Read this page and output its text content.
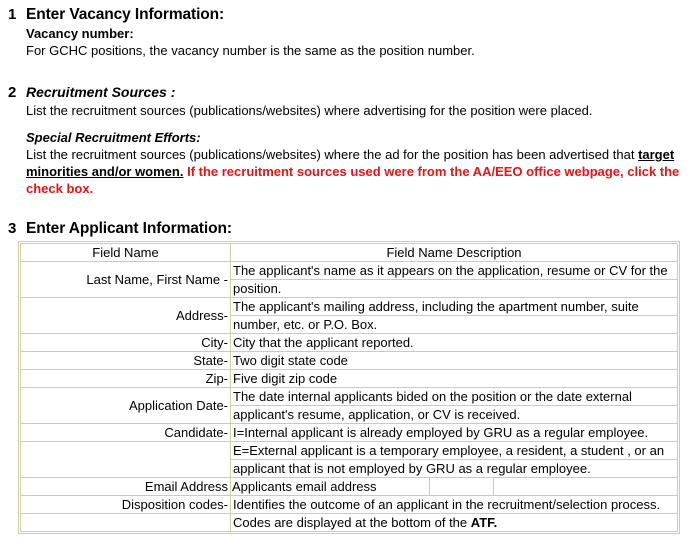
1 Enter Vacancy Information:
Vacancy number:
For GCHC positions, the vacancy number is the same as the position number.
2 Recruitment Sources :
List the recruitment sources (publications/websites) where advertising for the position were placed.
Special Recruitment Efforts:
List the recruitment sources (publications/websites) where the ad for the position has been advertised that target minorities and/or women. If the recruitment sources used were from the AA/EEO office webpage, click the check box.
3 Enter Applicant Information:
Field Name	Field Name Description
Last Name, First Name -	The applicant's name as it appears on the application, resume or CV for the
position.
Address-	The applicant's mailing address, including the apartment number, suite
number, etc. or P.O. Box.
City-	City that the applicant reported.
State-	Two digit state code
Zip-	Five digit zip code
Application Date-	The date internal applicants bided on the position or the date external
applicant's resume, application, or CV is received.
Candidate-	I=Internal applicant is already employed by GRU as a regular employee.
	E=External applicant is a temporary employee, a resident, a student , or an
applicant that is not employed by GRU as a regular employee.
Email Address	Applicants email address		

Disposition codes-	Identifies the outcome of an applicant in the recruitment/selection process.
	Codes are displayed at the bottom of the ATF.
